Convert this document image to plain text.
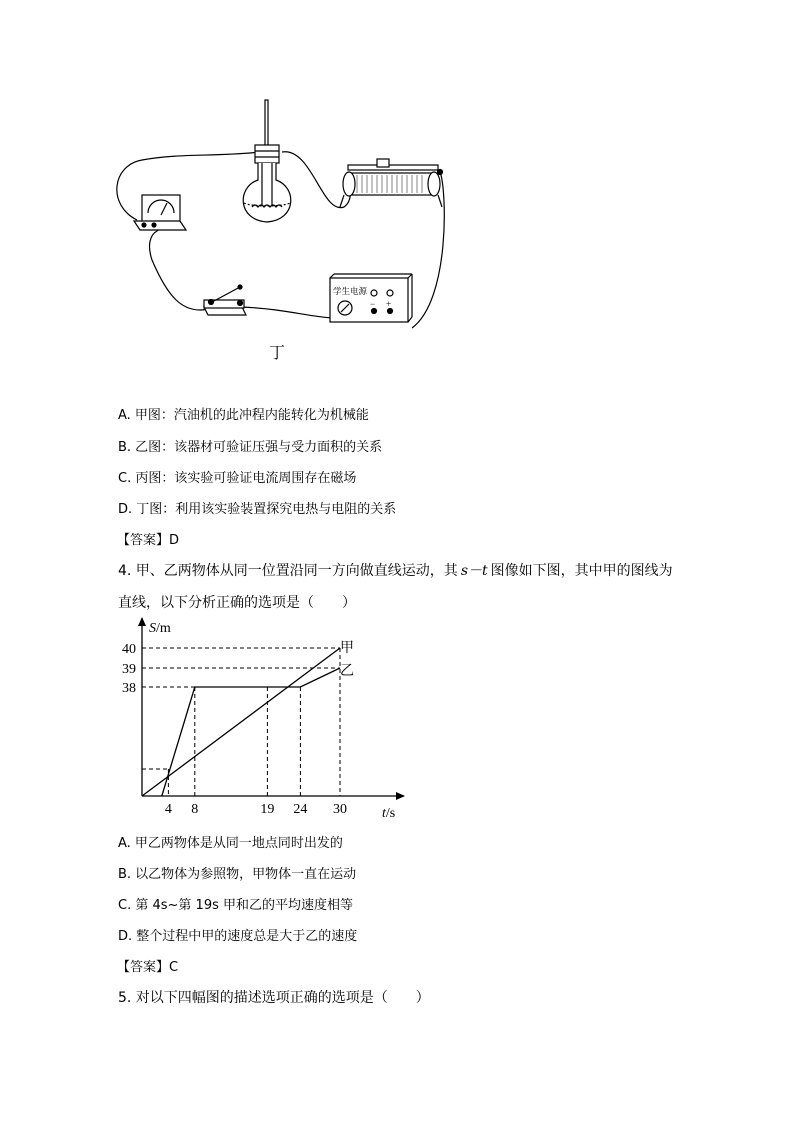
学生电源
− +
丁
A. 甲图：汽油机的此冲程内能转化为机械能
B. 乙图：该器材可验证压强与受力面积的关系
C. 丙图：该实验可验证电流周围存在磁场
D. 丁图：利用该实验装置探究电热与电阻的关系
【答案】D
4. 甲、乙两物体从同一位置沿同一方向做直线运动，其 s－t 图像如下图，其中甲的图线为
直线，以下分析正确的选项是（　　）
4 8	19 24 30
40
39
38
S/m
t/s
甲
乙
A. 甲乙两物体是从同一地点同时出发的
B. 以乙物体为参照物，甲物体一直在运动
C. 第 4s~第 19s 甲和乙的平均速度相等
D. 整个过程中甲的速度总是大于乙的速度
【答案】C
5. 对以下四幅图的描述选项正确的选项是（　　）
